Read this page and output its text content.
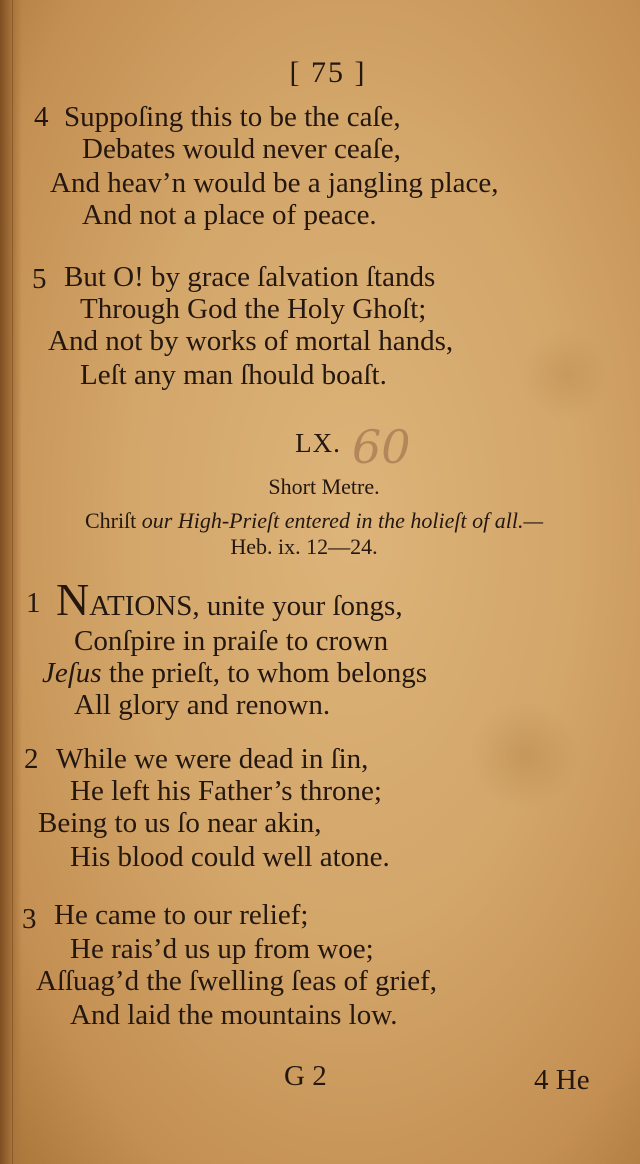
[ 75 ]
4 Suppoſing this to be the caſe,
Debates would never ceaſe,
And heav’n would be a jangling place,
And not a place of peace.
5 But O! by grace ſalvation ſtands
Through God the Holy Ghoſt;
And not by works of mortal hands,
Leſt any man ſhould boaſt.
LX. 60
Short Metre.
Chriſt our High-Prieſt entered in the holieſt of all.—
Heb. ix. 12—24.
1 NATIONS, unite your ſongs,
Conſpire in praiſe to crown
Jeſus the prieſt, to whom belongs
All glory and renown.
2 While we were dead in ſin,
He left his Father’s throne;
Being to us ſo near akin,
His blood could well atone.
3 He came to our relief;
He rais’d us up from woe;
Aſſuag’d the ſwelling ſeas of grief,
And laid the mountains low.
G 2	4 He
